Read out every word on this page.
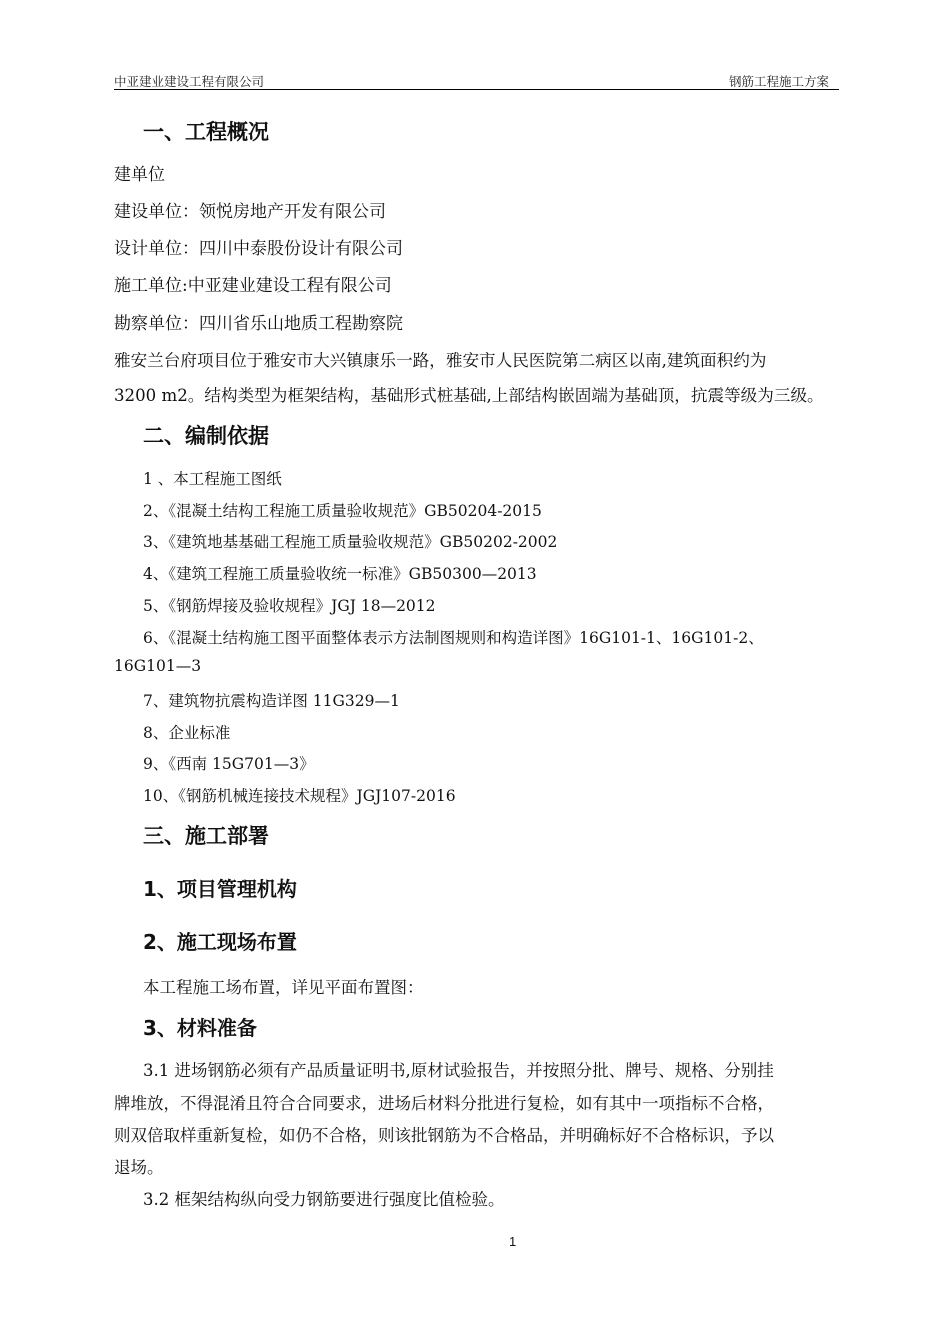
中亚建业建设工程有限公司	钢筋工程施工方案
一、工程概况
建单位
建设单位：领悦房地产开发有限公司
设计单位：四川中泰股份设计有限公司
施工单位:中亚建业建设工程有限公司
勘察单位：四川省乐山地质工程勘察院
雅安兰台府项目位于雅安市大兴镇康乐一路，雅安市人民医院第二病区以南,建筑面积约为
3200 m2。结构类型为框架结构，基础形式桩基础,上部结构嵌固端为基础顶，抗震等级为三级。
二、编制依据
1 、本工程施工图纸
2、《混凝土结构工程施工质量验收规范》GB50204-2015
3、《建筑地基基础工程施工质量验收规范》GB50202-2002
4、《建筑工程施工质量验收统一标准》GB50300—2013
5、《钢筋焊接及验收规程》JGJ 18—2012
6、《混凝土结构施工图平面整体表示方法制图规则和构造详图》16G101-1、16G101-2、
16G101—3
7、建筑物抗震构造详图 11G329—1
8、企业标准
9、《西南 15G701—3》
10、《钢筋机械连接技术规程》JGJ107-2016
三、施工部署
1、项目管理机构
2、施工现场布置
本工程施工场布置，详见平面布置图：
3、材料准备
3.1 进场钢筋必须有产品质量证明书,原材试验报告，并按照分批、牌号、规格、分别挂
牌堆放，不得混淆且符合合同要求，进场后材料分批进行复检，如有其中一项指标不合格，
则双倍取样重新复检，如仍不合格，则该批钢筋为不合格品，并明确标好不合格标识，予以
退场。
3.2 框架结构纵向受力钢筋要进行强度比值检验。
1
